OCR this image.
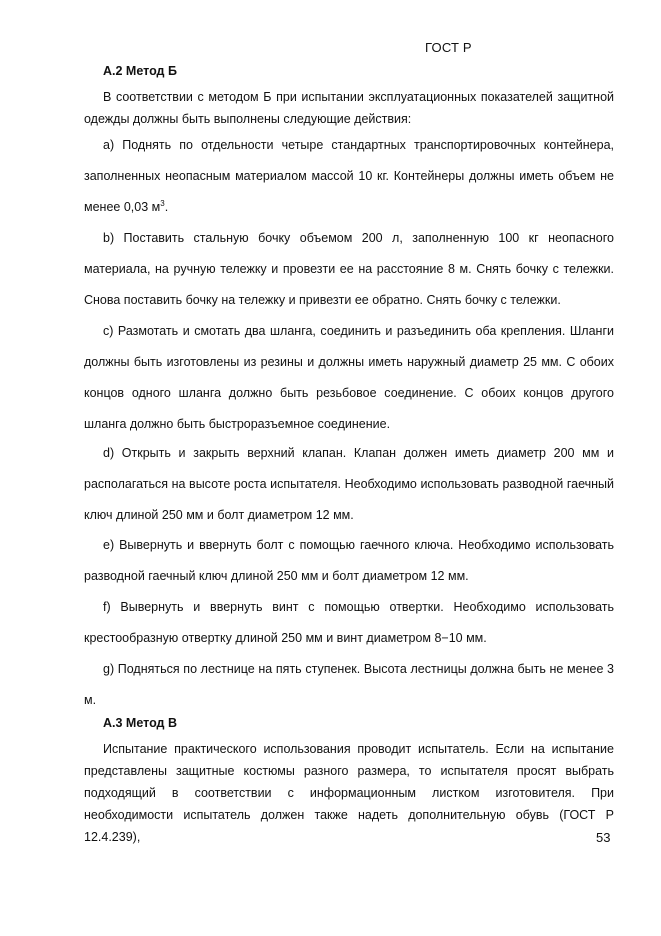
ГОСТ Р
А.2 Метод Б
В соответствии с методом Б при испытании эксплуатационных показателей защитной одежды должны быть выполнены следующие действия:
а) Поднять по отдельности четыре стандартных транспортировочных контейнера, заполненных неопасным материалом массой 10 кг. Контейнеры должны иметь объем не менее 0,03 $м^3$.
b) Поставить стальную бочку объемом 200 л, заполненную 100 кг неопасного материала, на ручную тележку и провезти ее на расстояние 8 м. Снять бочку с тележки. Снова поставить бочку на тележку и привезти ее обратно. Снять бочку с тележки.
с) Размотать и смотать два шланга, соединить и разъединить оба крепления. Шланги должны быть изготовлены из резины и должны иметь наружный диаметр 25 мм. С обоих концов одного шланга должно быть резьбовое соединение. С обоих концов другого шланга должно быть быстроразъемное соединение.
d) Открыть и закрыть верхний клапан. Клапан должен иметь диаметр 200 мм и располагаться на высоте роста испытателя. Необходимо использовать разводной гаечный ключ длиной 250 мм и болт диаметром 12 мм.
е) Вывернуть и ввернуть болт с помощью гаечного ключа. Необходимо использовать разводной гаечный ключ длиной 250 мм и болт диаметром 12 мм.
f) Вывернуть и ввернуть винт с помощью отвертки. Необходимо использовать крестообразную отвертку длиной 250 мм и винт диаметром 8−10 мм.
g) Подняться по лестнице на пять ступенек. Высота лестницы должна быть не менее 3 м.
А.3 Метод В
Испытание практического использования проводит испытатель. Если на испытание представлены защитные костюмы разного размера, то испытателя просят выбрать подходящий в соответствии с информационным листком изготовителя. При необходимости испытатель должен также надеть дополнительную обувь (ГОСТ Р 12.4.239),	53
